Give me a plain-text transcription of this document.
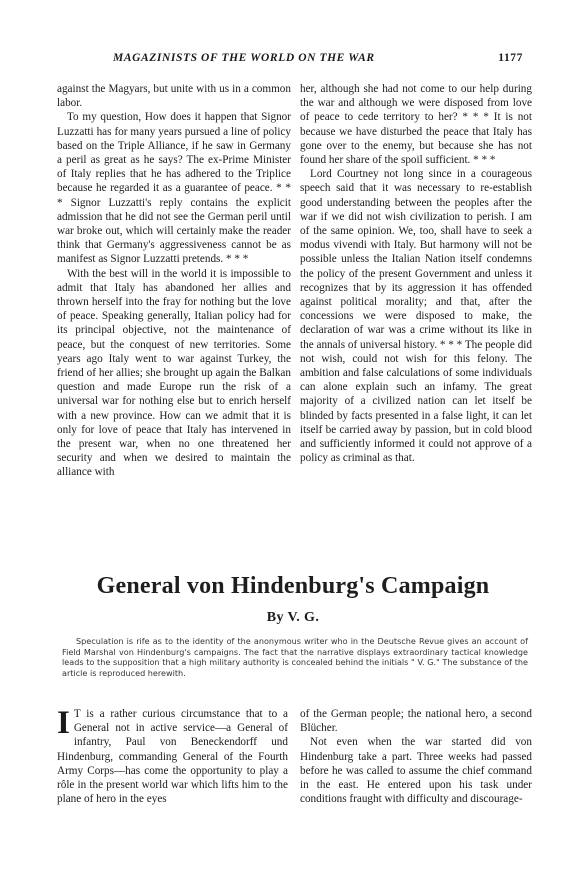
MAGAZINISTS OF THE WORLD ON THE WAR	1177

against the Magyars, but unite with us in a common labor.

To my question, How does it happen that Signor Luzzatti has for many years pursued a line of policy based on the Triple Alliance, if he saw in Germany a peril as great as he says? The ex-Prime Minister of Italy replies that he has adhered to the Triplice because he regarded it as a guarantee of peace. * * * Signor Luzzatti's reply contains the explicit admission that he did not see the German peril until war broke out, which will certainly make the reader think that Germany's aggressiveness cannot be as manifest as Signor Luzzatti pretends. * * *

With the best will in the world it is impossible to admit that Italy has abandoned her allies and thrown herself into the fray for nothing but the love of peace. Speaking generally, Italian policy had for its principal objective, not the maintenance of peace, but the conquest of new territories. Some years ago Italy went to war against Turkey, the friend of her allies; she brought up again the Balkan question and made Europe run the risk of a universal war for nothing else but to enrich herself with a new province. How can we admit that it is only for love of peace that Italy has intervened in the present war, when no one threatened her security and when we desired to maintain the alliance with

her, although she had not come to our help during the war and although we were disposed from love of peace to cede territory to her? * * * It is not because we have disturbed the peace that Italy has gone over to the enemy, but because she has not found her share of the spoil sufficient. * * *

Lord Courtney not long since in a courageous speech said that it was necessary to re-establish good understanding between the peoples after the war if we did not wish civilization to perish. I am of the same opinion. We, too, shall have to seek a modus vivendi with Italy. But harmony will not be possible unless the Italian Nation itself condemns the policy of the present Government and unless it recognizes that by its aggression it has offended against political morality; and that, after the concessions we were disposed to make, the declaration of war was a crime without its like in the annals of universal history. * * * The people did not wish, could not wish for this felony. The ambition and false calculations of some individuals can alone explain such an infamy. The great majority of a civilized nation can let itself be blinded by facts presented in a false light, it can let itself be carried away by passion, but in cold blood and sufficiently informed it could not approve of a policy as criminal as that.

General von Hindenburg's Campaign
By V. G.

Speculation is rife as to the identity of the anonymous writer who in the Deutsche Revue gives an account of Field Marshal von Hindenburg's campaigns. The fact that the narrative displays extraordinary tactical knowledge leads to the supposition that a high military authority is concealed behind the initials " V. G." The substance of the article is reproduced herewith.

I T is a rather curious circumstance that to a General not in active service—a General of infantry, Paul von Beneckendorff und Hindenburg, commanding General of the Fourth Army Corps—has come the opportunity to play a rôle in the present world war which lifts him to the plane of hero in the eyes

of the German people; the national hero, a second Blücher.

Not even when the war started did von Hindenburg take a part. Three weeks had passed before he was called to assume the chief command in the east. He entered upon his task under conditions fraught with difficulty and discourage-
